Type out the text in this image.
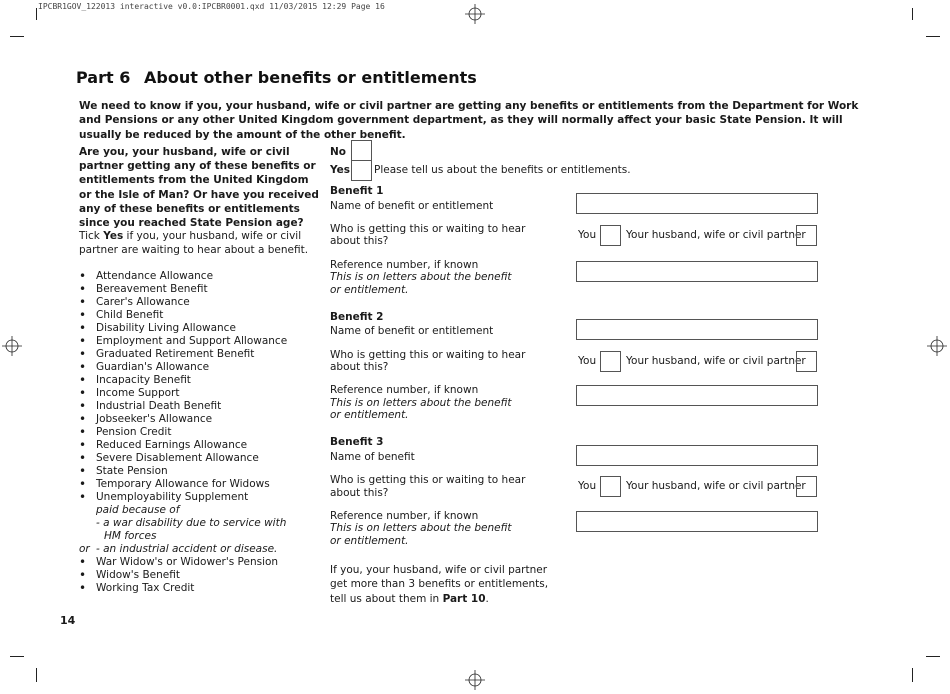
IPCBR1GOV_122013 interactive v0.0:IPCBR0001.qxd 11/03/2015 12:29 Page 16
Part 6 About other benefits or entitlements
We need to know if you, your husband, wife or civil partner are getting any benefits or entitlements from the Department for Work and Pensions or any other United Kingdom government department, as they will normally affect your basic State Pension. It will usually be reduced by the amount of the other benefit.
Are you, your husband, wife or civil partner getting any of these benefits or entitlements from the United Kingdom or the Isle of Man? Or have you received any of these benefits or entitlements since you reached State Pension age?
Tick Yes if you, your husband, wife or civil partner are waiting to hear about a benefit.
• Attendance Allowance
• Bereavement Benefit
• Carer's Allowance
• Child Benefit
• Disability Living Allowance
• Employment and Support Allowance
• Graduated Retirement Benefit
• Guardian's Allowance
• Incapacity Benefit
• Income Support
• Industrial Death Benefit
• Jobseeker's Allowance
• Pension Credit
• Reduced Earnings Allowance
• Severe Disablement Allowance
• State Pension
• Temporary Allowance for Widows
• Unemployability Supplement
paid because of
- a war disability due to service with
HM forces
or - an industrial accident or disease.
• War Widow's or Widower's Pension
• Widow's Benefit
• Working Tax Credit
No
Yes Please tell us about the benefits or entitlements.
Benefit 1
Name of benefit or entitlement
Who is getting this or waiting to hear
about this?	You	Your husband, wife or civil partner
Reference number, if known
This is on letters about the benefit
or entitlement.
Benefit 2
Name of benefit or entitlement
Who is getting this or waiting to hear
about this?	You	Your husband, wife or civil partner
Reference number, if known
This is on letters about the benefit
or entitlement.
Benefit 3
Name of benefit
Who is getting this or waiting to hear
about this?
You	Your husband, wife or civil partner
Reference number, if known
This is on letters about the benefit
or entitlement.
If you, your husband, wife or civil partner
get more than 3 benefits or entitlements,
tell us about them in Part 10.
14
